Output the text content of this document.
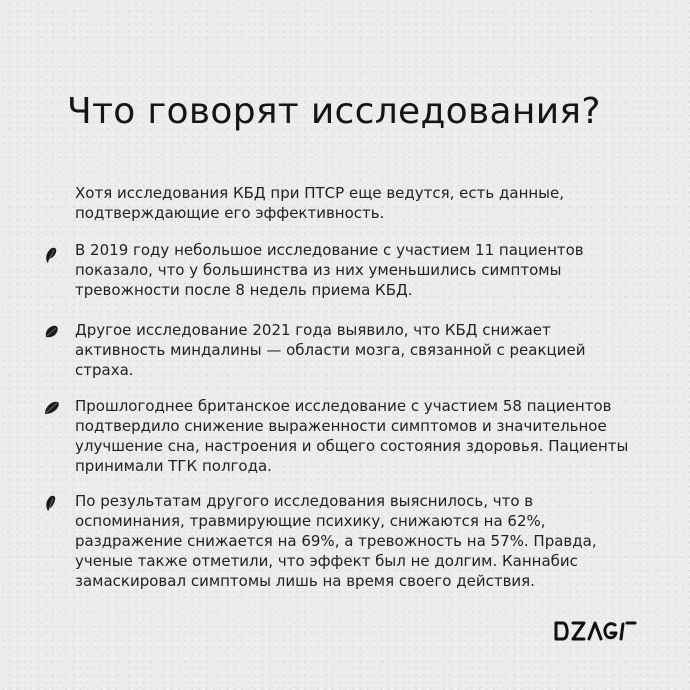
Что говорят исследования?
Хотя исследования КБД при ПТСР еще ведутся, есть данные, подтверждающие его эффективность.
В 2019 году небольшое исследование с участием 11 пациентов показало, что у большинства из них уменьшились симптомы тревожности после 8 недель приема КБД.
Другое исследование 2021 года выявило, что КБД снижает активность миндалины — области мозга, связанной с реакцией страха.
Прошлогоднее британское исследование с участием 58 пациентов подтвердило снижение выраженности симптомов и значительное улучшение сна, настроения и общего состояния здоровья. Пациенты принимали ТГК полгода.
По результатам другого исследования выяснилось, что в оспоминания, травмирующие психику, снижаются на 62%, раздражение снижается на 69%, а тревожность на 57%. Правда, ученые также отметили, что эффект был не долгим. Каннабис замаскировал симптомы лишь на время своего действия.
